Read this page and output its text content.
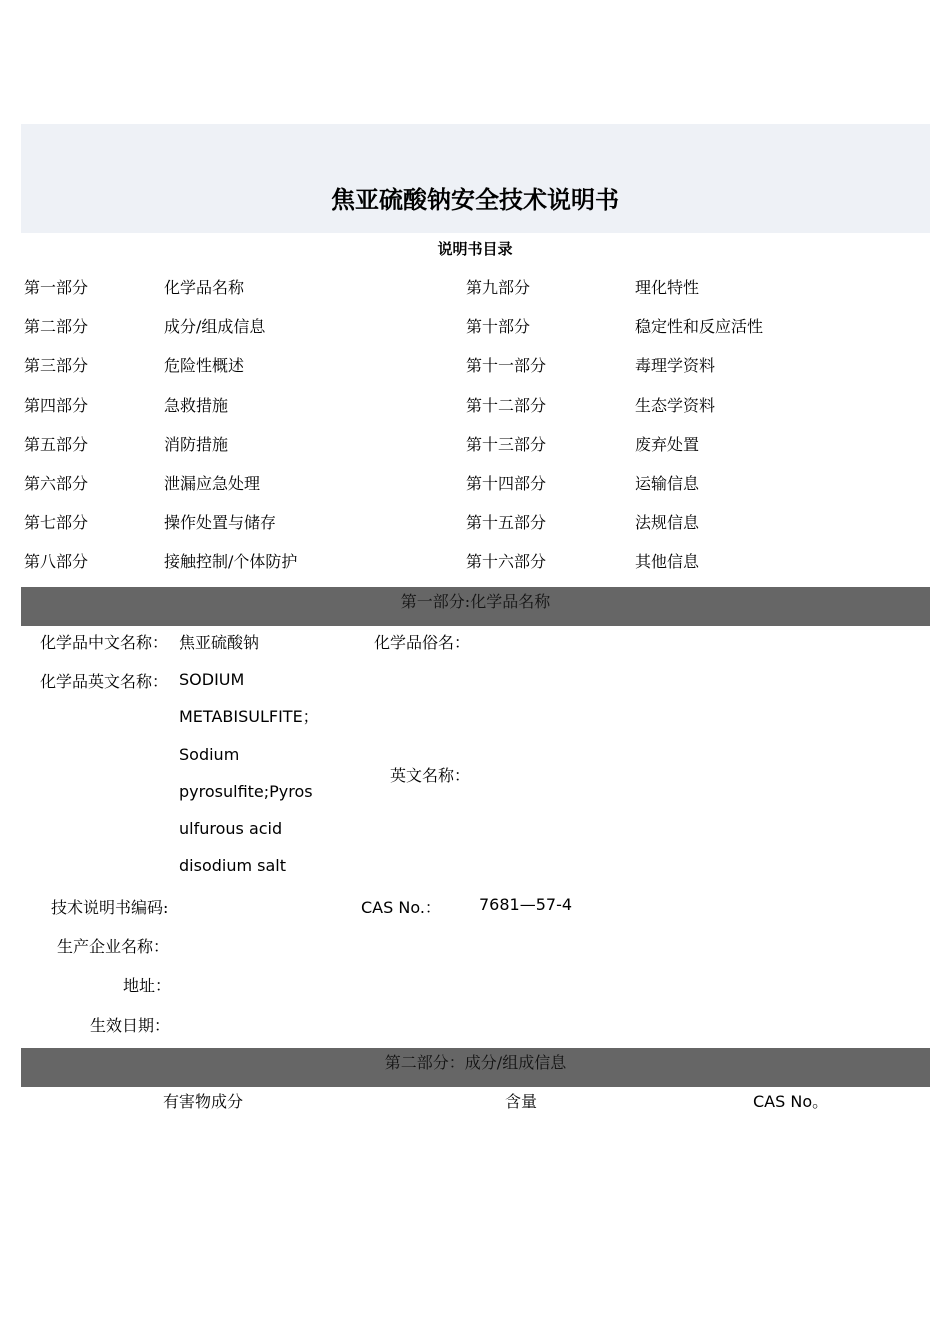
焦亚硫酸钠安全技术说明书
说明书目录
第一部分	化学品名称	第九部分	理化特性
第二部分	成分/组成信息	第十部分	稳定性和反应活性
第三部分	危险性概述	第十一部分	毒理学资料
第四部分	急救措施	第十二部分	生态学资料
第五部分	消防措施	第十三部分	废弃处置
第六部分	泄漏应急处理	第十四部分	运输信息
第七部分	操作处置与储存	第十五部分	法规信息
第八部分	接触控制/个体防护	第十六部分	其他信息
第一部分:化学品名称
化学品中文名称： 焦亚硫酸钠	化学品俗名：
化学品英文名称： SODIUM
METABISULFITE；
Sodium
pyrosulfite;Pyros
ulfurous acid
disodium salt
英文名称：
技术说明书编码:	CAS No.： 7681—57-4
生产企业名称：
地址：
生效日期：
第二部分：成分/组成信息
有害物成分	含量	CAS No。
